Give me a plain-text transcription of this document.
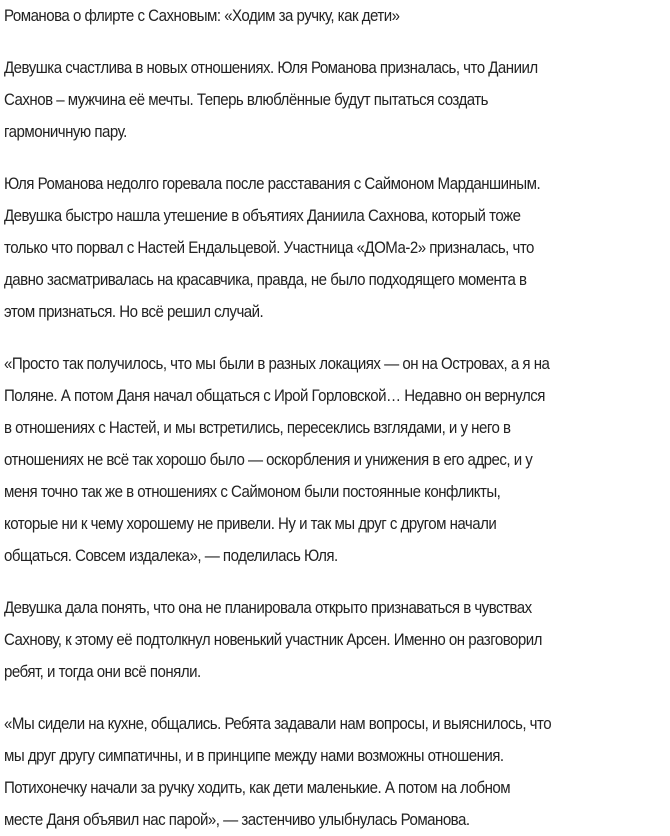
Романова о флирте с Сахновым: «Ходим за ручку, как дети»

Девушка счастлива в новых отношениях. Юля Романова призналась, что Даниил
Сахнов – мужчина её мечты. Теперь влюблённые будут пытаться создать
гармоничную пару.

Юля Романова недолго горевала после расставания с Саймоном Марданшиным.
Девушка быстро нашла утешение в объятиях Даниила Сахнова, который тоже
только что порвал с Настей Ендальцевой. Участница «ДОМа-2» призналась, что
давно засматривалась на красавчика, правда, не было подходящего момента в
этом признаться. Но всё решил случай.

«Просто так получилось, что мы были в разных локациях — он на Островах, а я на
Поляне. А потом Даня начал общаться с Ирой Горловской… Недавно он вернулся
в отношениях с Настей, и мы встретились, пересеклись взглядами, и у него в
отношениях не всё так хорошо было — оскорбления и унижения в его адрес, и у
меня точно так же в отношениях с Саймоном были постоянные конфликты,
которые ни к чему хорошему не привели. Ну и так мы друг с другом начали
общаться. Совсем издалека», — поделилась Юля.

Девушка дала понять, что она не планировала открыто признаваться в чувствах
Сахнову, к этому её подтолкнул новенький участник Арсен. Именно он разговорил
ребят, и тогда они всё поняли.

«Мы сидели на кухне, общались. Ребята задавали нам вопросы, и выяснилось, что
мы друг другу симпатичны, и в принципе между нами возможны отношения.
Потихонечку начали за ручку ходить, как дети маленькие. А потом на лобном
месте Даня объявил нас парой», — застенчиво улыбнулась Романова.
